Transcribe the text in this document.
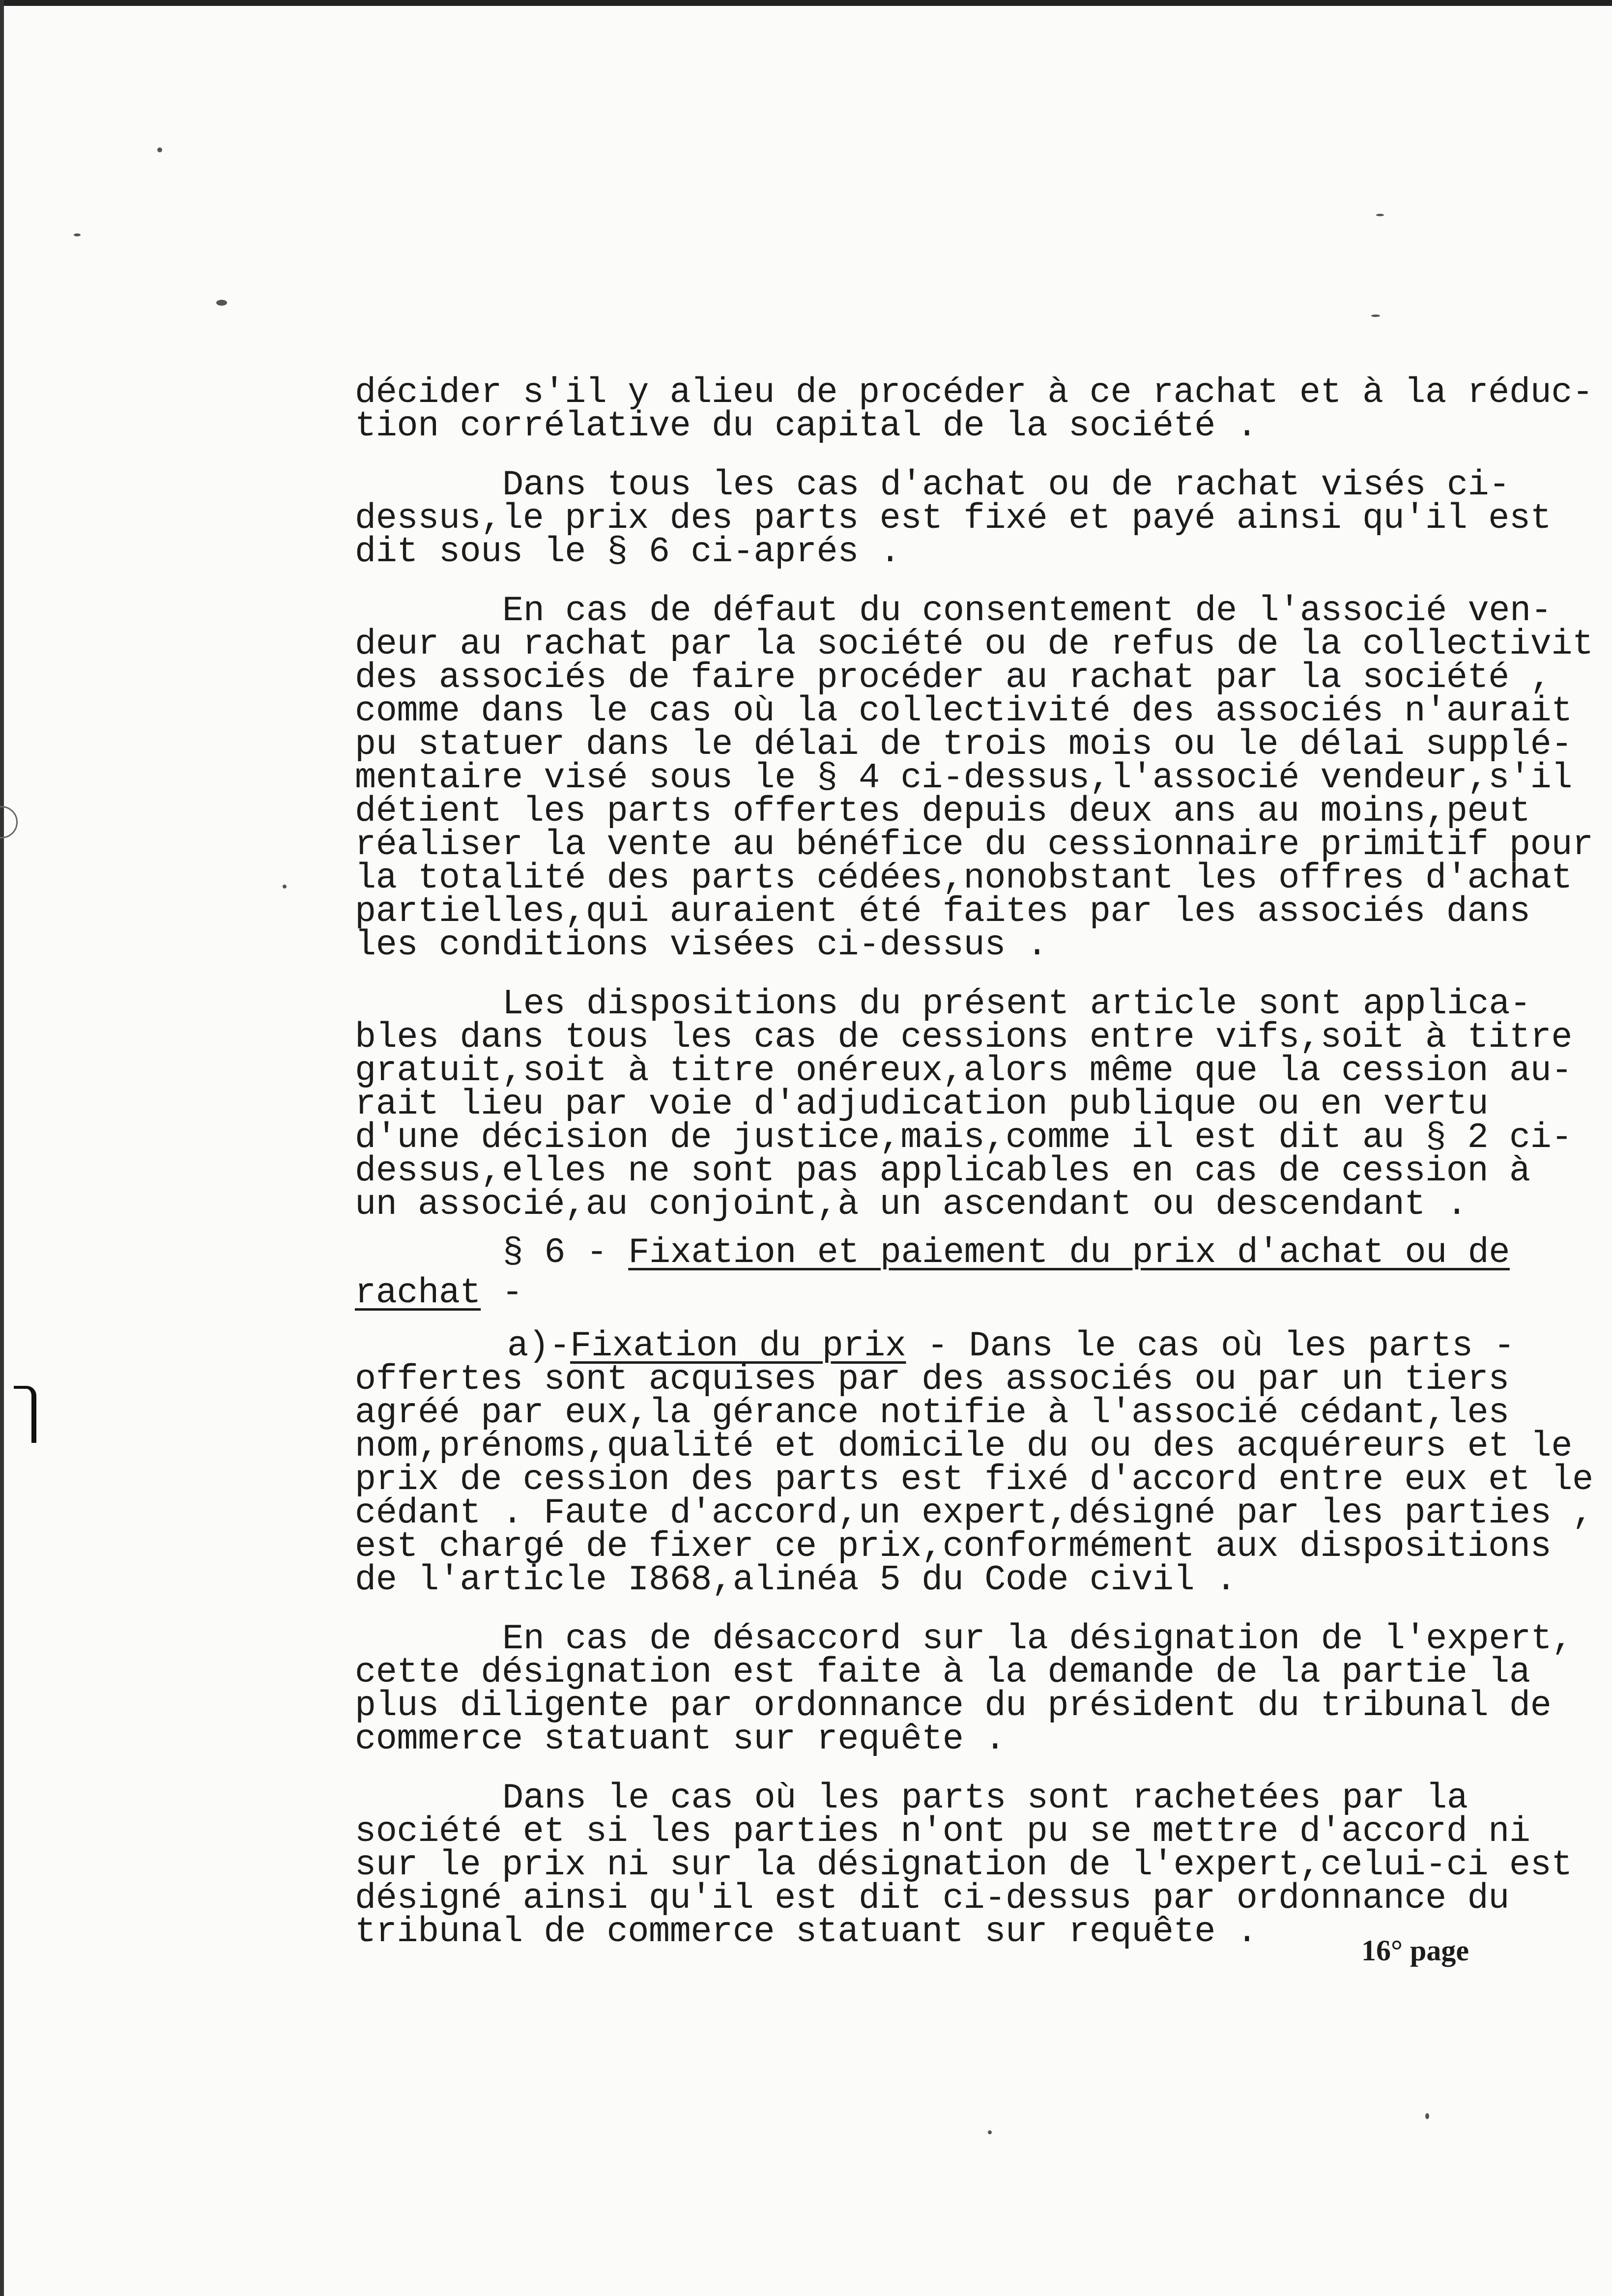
décider s'il y alieu de procéder à ce rachat et à la réduc-
tion corrélative du capital de la société .
Dans tous les cas d'achat ou de rachat visés ci-
dessus,le prix des parts est fixé et payé ainsi qu'il est
dit sous le § 6 ci-aprés .
En cas de défaut du consentement de l'associé ven-
deur au rachat par la société ou de refus de la collectivit
des associés de faire procéder au rachat par la société ,
comme dans le cas où la collectivité des associés n'aurait
pu statuer dans le délai de trois mois ou le délai supplé-
mentaire visé sous le § 4 ci-dessus,l'associé vendeur,s'il
détient les parts offertes depuis deux ans au moins,peut
réaliser la vente au bénéfice du cessionnaire primitif pour
la totalité des parts cédées,nonobstant les offres d'achat
partielles,qui auraient été faites par les associés dans
les conditions visées ci-dessus .
Les dispositions du présent article sont applica-
bles dans tous les cas de cessions entre vifs,soit à titre
gratuit,soit à titre onéreux,alors même que la cession au-
rait lieu par voie d'adjudication publique ou en vertu
d'une décision de justice,mais,comme il est dit au § 2 ci-
dessus,elles ne sont pas applicables en cas de cession à
un associé,au conjoint,à un ascendant ou descendant .
§ 6 - Fixation et paiement du prix d'achat ou de
rachat -
a)-Fixation du prix - Dans le cas où les parts -
offertes sont acquises par des associés ou par un tiers
agréé par eux,la gérance notifie à l'associé cédant,les
nom,prénoms,qualité et domicile du ou des acquéreurs et le
prix de cession des parts est fixé d'accord entre eux et le
cédant . Faute d'accord,un expert,désigné par les parties ,
est chargé de fixer ce prix,conformément aux dispositions
de l'article I868,alinéa 5 du Code civil .
En cas de désaccord sur la désignation de l'expert,
cette désignation est faite à la demande de la partie la
plus diligente par ordonnance du président du tribunal de
commerce statuant sur requête .
Dans le cas où les parts sont rachetées par la
société et si les parties n'ont pu se mettre d'accord ni
sur le prix ni sur la désignation de l'expert,celui-ci est
désigné ainsi qu'il est dit ci-dessus par ordonnance du
tribunal de commerce statuant sur requête .	16° page
